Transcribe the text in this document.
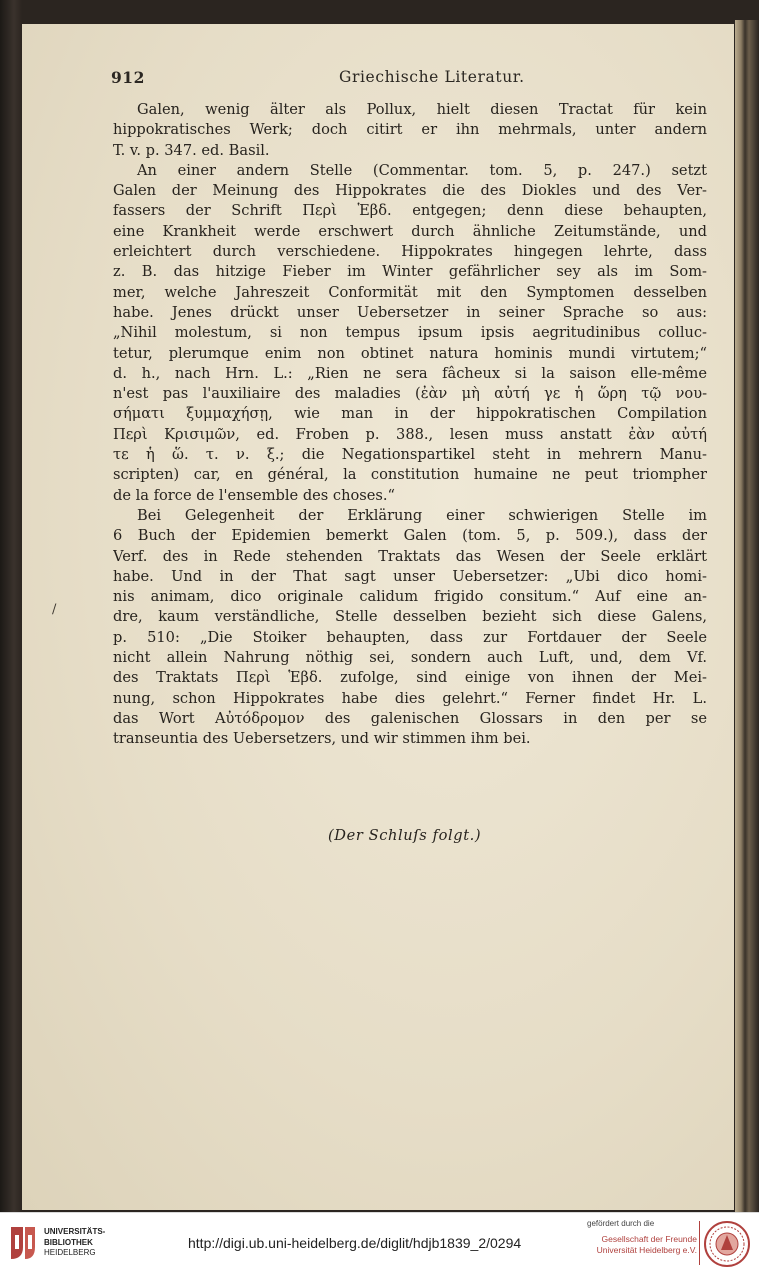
912	Griechische Literatur.
Galen, wenig älter als Pollux, hielt diesen Tractat für kein
hippokratisches Werk; doch citirt er ihn mehrmals, unter andern
T. v. p. 347. ed. Basil.
An einer andern Stelle (Commentar. tom. 5, p. 247.) setzt
Galen der Meinung des Hippokrates die des Diokles und des Ver-
fassers der Schrift Περὶ Ἑβδ. entgegen; denn diese behaupten,
eine Krankheit werde erschwert durch ähnliche Zeitumstände, und
erleichtert durch verschiedene. Hippokrates hingegen lehrte, dass
z. B. das hitzige Fieber im Winter gefährlicher sey als im Som-
mer, welche Jahreszeit Conformität mit den Symptomen desselben
habe. Jenes drückt unser Uebersetzer in seiner Sprache so aus:
„Nihil molestum, si non tempus ipsum ipsis aegritudinibus colluc-
tetur, plerumque enim non obtinet natura hominis mundi virtutem;“
d. h., nach Hrn. L.: „Rien ne sera fâcheux si la saison elle-même
n'est pas l'auxiliaire des maladies (ἐὰν μὴ αὐτή γε ἡ ὥρη τῷ νου-
σήματι ξυμμαχήσῃ, wie man in der hippokratischen Compilation
Περὶ Κρισιμῶν, ed. Froben p. 388., lesen muss anstatt ἐὰν αὐτή
τε ἡ ὥ. τ. ν. ξ.; die Negationspartikel steht in mehrern Manu-
scripten) car, en général, la constitution humaine ne peut triompher
de la force de l'ensemble des choses.“
Bei Gelegenheit der Erklärung einer schwierigen Stelle im
6 Buch der Epidemien bemerkt Galen (tom. 5, p. 509.), dass der
Verf. des in Rede stehenden Traktats das Wesen der Seele erklärt
habe. Und in der That sagt unser Uebersetzer: „Ubi dico homi-
nis animam, dico originale calidum frigido consitum.“ Auf eine an-
dre, kaum verständliche, Stelle desselben bezieht sich diese Galens,
p. 510: „Die Stoiker behaupten, dass zur Fortdauer der Seele
nicht allein Nahrung nöthig sei, sondern auch Luft, und, dem Vf.
des Traktats Περὶ Ἑβδ. zufolge, sind einige von ihnen der Mei-
nung, schon Hippokrates habe dies gelehrt.“ Ferner findet Hr. L.
das Wort Αὐτόδρομον des galenischen Glossars in den per se
transeuntia des Uebersetzers, und wir stimmen ihm bei.
/
(Der Schluſs folgt.)
UNIVERSITÄTS-
BIBLIOTHEK
HEIDELBERG
http://digi.ub.uni-heidelberg.de/diglit/hdjb1839_2/0294
gefördert durch die
Gesellschaft der Freunde
Universität Heidelberg e.V.
